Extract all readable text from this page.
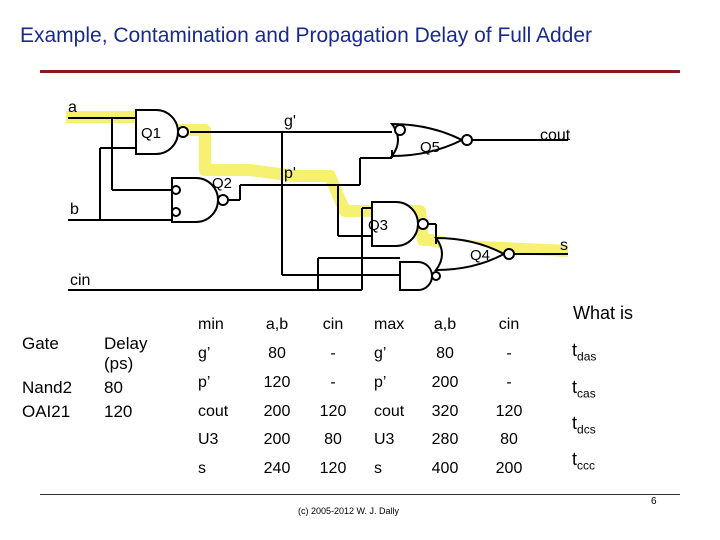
Example, Contamination and Propagation Delay of Full Adder
a
b
cin
cout
s
Q1
Q2
Q3
Q4
Q5
g'
p'
Gate	Delay (ps)
Nand2	80
OAI21	120
min	a,b	cin	max	a,b	cin
g’	80	-	g’	80	-
p’	120	-	p’	200	-
cout	200	120	cout	320	120
U3	200	80	U3	280	80
s	240	120	s	400	200
What is
$t_{das}$
$t_{cas}$
$t_{dcs}$
$t_{ccc}$
(c) 2005-2012 W. J. Dally
6
